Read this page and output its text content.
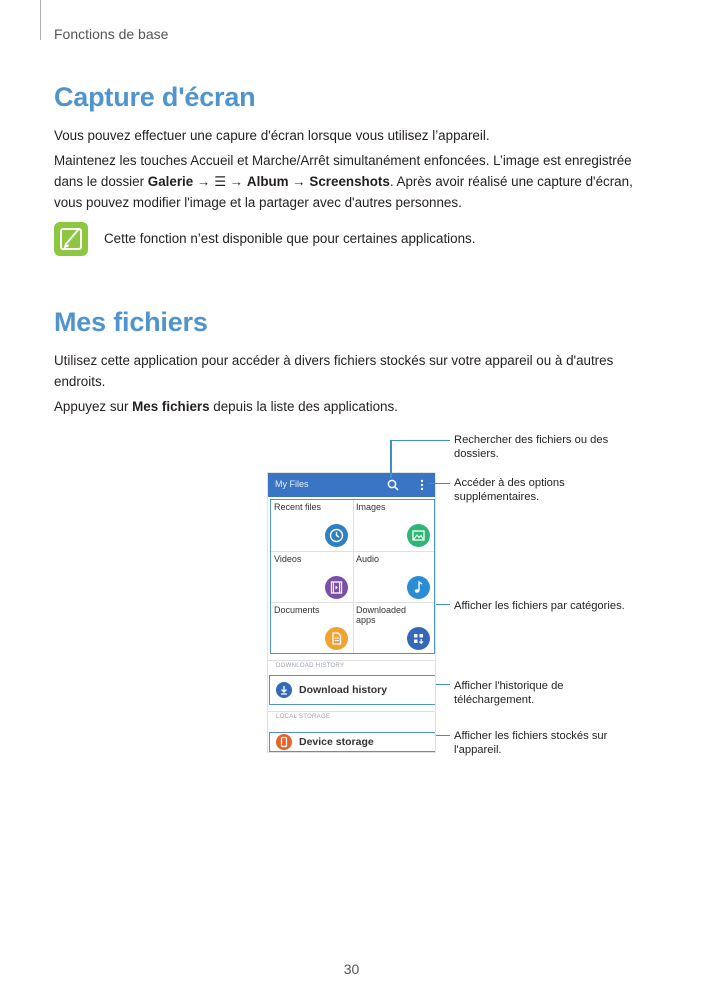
Fonctions de base
Capture d'écran
Vous pouvez effectuer une capure d'écran lorsque vous utilisez l’appareil.
Maintenez les touches Accueil et Marche/Arrêt simultanément enfoncées. L’image est enregistrée dans le dossier Galerie → ☰ → Album → Screenshots. Après avoir réalisé une capture d'écran, vous pouvez modifier l'image et la partager avec d'autres personnes.
Cette fonction n’est disponible que pour certaines applications.
Mes fichiers
Utilisez cette application pour accéder à divers fichiers stockés sur votre appareil ou à d'autres endroits.
Appuyez sur Mes fichiers depuis la liste des applications.
My Files
Recent files	Images
Videos	Audio
Documents	Downloaded apps
DOWNLOAD HISTORY
Download history
LOCAL STORAGE
Device storage
Rechercher des fichiers ou des dossiers.
Accéder à des options supplémentaires.
Afficher les fichiers par catégories.
Afficher l'historique de téléchargement.
Afficher les fichiers stockés sur l'appareil.
30
